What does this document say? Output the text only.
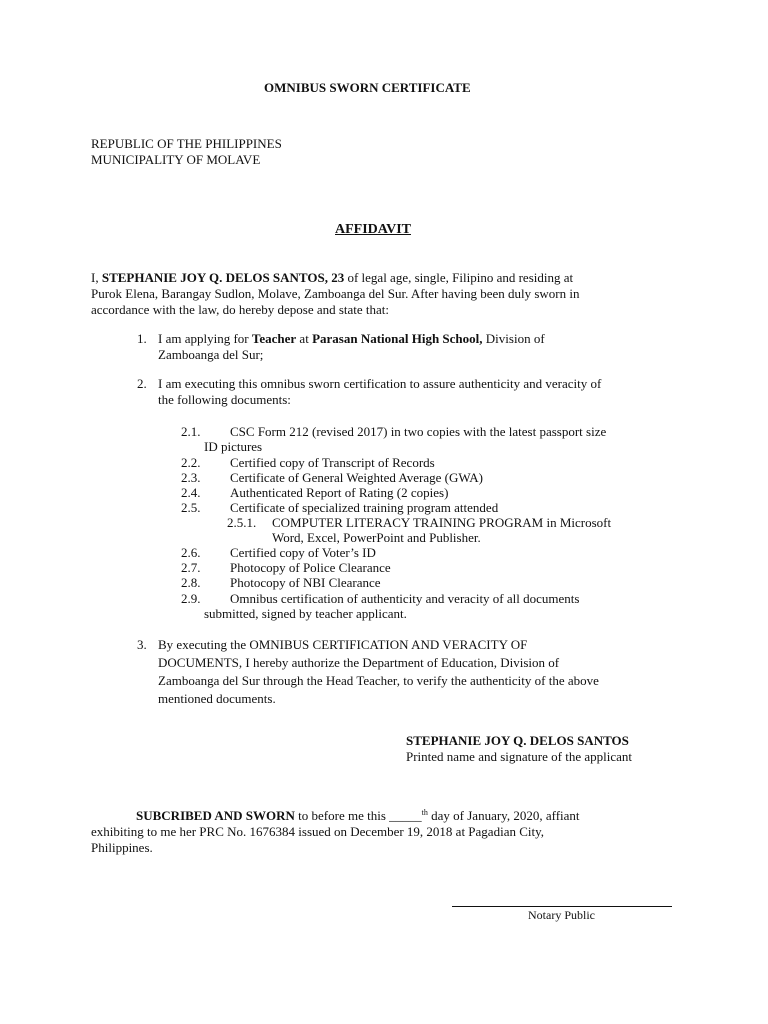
OMNIBUS SWORN CERTIFICATE
REPUBLIC OF THE PHILIPPINES
MUNICIPALITY OF MOLAVE
AFFIDAVIT
I, STEPHANIE JOY Q. DELOS SANTOS, 23 of legal age, single, Filipino and residing at
Purok Elena, Barangay Sudlon, Molave, Zamboanga del Sur. After having been duly sworn in
accordance with the law, do hereby depose and state that:
1. I am applying for Teacher at Parasan National High School, Division of
Zamboanga del Sur;
2. I am executing this omnibus sworn certification to assure authenticity and veracity of
the following documents:
2.1. CSC Form 212 (revised 2017) in two copies with the latest passport size
ID pictures
2.2. Certified copy of Transcript of Records
2.3. Certificate of General Weighted Average (GWA)
2.4. Authenticated Report of Rating (2 copies)
2.5. Certificate of specialized training program attended
2.5.1. COMPUTER LITERACY TRAINING PROGRAM in Microsoft
Word, Excel, PowerPoint and Publisher.
2.6. Certified copy of Voter’s ID
2.7. Photocopy of Police Clearance
2.8. Photocopy of NBI Clearance
2.9. Omnibus certification of authenticity and veracity of all documents
submitted, signed by teacher applicant.
3. By executing the OMNIBUS CERTIFICATION AND VERACITY OF
DOCUMENTS, I hereby authorize the Department of Education, Division of
Zamboanga del Sur through the Head Teacher, to verify the authenticity of the above
mentioned documents.
STEPHANIE JOY Q. DELOS SANTOS
Printed name and signature of the applicant
SUBCRIBED AND SWORN to before me this _____$^{th}$ day of January, 2020, affiant
exhibiting to me her PRC No. 1676384 issued on December 19, 2018 at Pagadian City,
Philippines.
Notary Public
